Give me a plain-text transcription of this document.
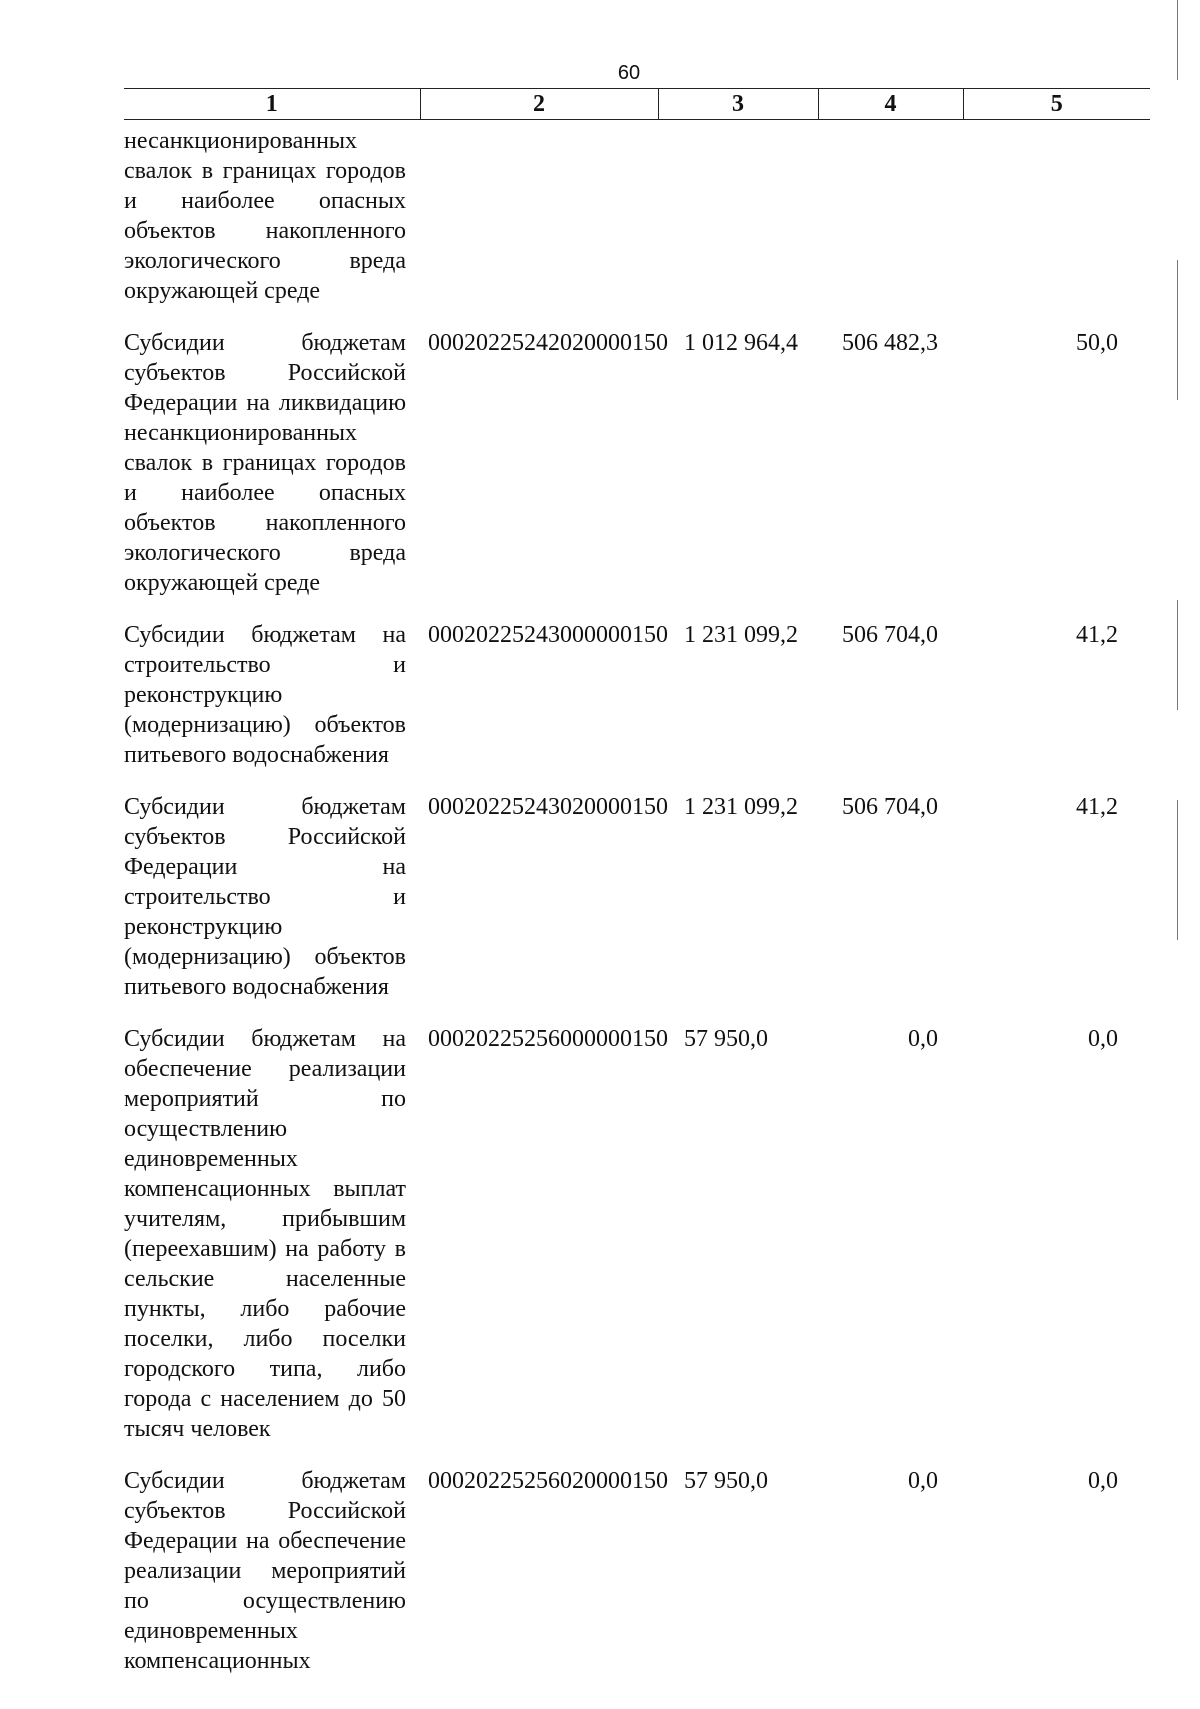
60
1	2	3	4	5
несанкционированных свалок в границах городов и наиболее опасных объектов накопленного экологического вреда окружающей среде				
Субсидии бюджетам субъектов Российской Федерации на ликвидацию несанкционированных свалок в границах городов и наиболее опасных объектов накопленного экологического вреда окружающей среде	00020225242020000150	1 012 964,4	506 482,3	50,0
Субсидии бюджетам на строительство и реконструкцию (модернизацию) объектов питьевого водоснабжения	00020225243000000150	1 231 099,2	506 704,0	41,2
Субсидии бюджетам субъектов Российской Федерации на строительство и реконструкцию (модернизацию) объектов питьевого водоснабжения	00020225243020000150	1 231 099,2	506 704,0	41,2
Субсидии бюджетам на обеспечение реализации мероприятий по осуществлению единовременных компенсационных выплат учителям, прибывшим (переехавшим) на работу в сельские населенные пункты, либо рабочие поселки, либо поселки городского типа, либо города с населением до 50 тысяч человек	00020225256000000150	57 950,0	0,0	0,0
Субсидии бюджетам субъектов Российской Федерации на обеспечение реализации мероприятий по осуществлению единовременных компенсационных	00020225256020000150	57 950,0	0,0	0,0
